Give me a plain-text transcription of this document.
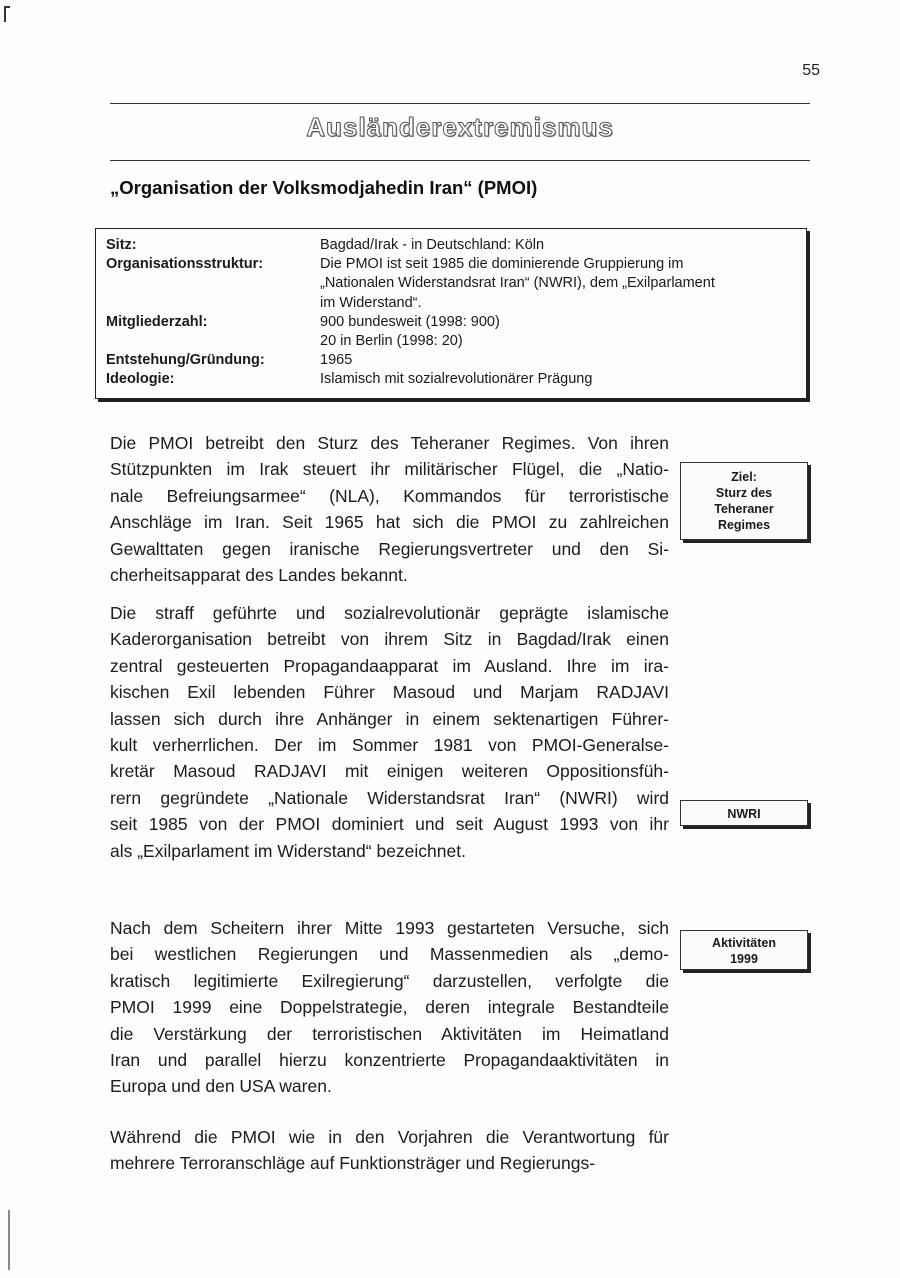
55
Ausländerextremismus
„Organisation der Volksmodjahedin Iran“ (PMOI)
Sitz:	Bagdad/Irak - in Deutschland: Köln
Organisationsstruktur:	Die PMOI ist seit 1985 die dominierende Gruppierung im
„Nationalen Widerstandsrat Iran“ (NWRI), dem „Exilparlament
im Widerstand“.
Mitgliederzahl:	900 bundesweit (1998: 900)
20 in Berlin (1998: 20)
Entstehung/Gründung:	1965
Ideologie:	Islamisch mit sozialrevolutionärer Prägung

Die PMOI betreibt den Sturz des Teheraner Regimes. Von ihren
Stützpunkten im Irak steuert ihr militärischer Flügel, die „Natio-
nale Befreiungsarmee“ (NLA), Kommandos für terroristische
Anschläge im Iran. Seit 1965 hat sich die PMOI zu zahlreichen
Gewalttaten gegen iranische Regierungsvertreter und den Si-
cherheitsapparat des Landes bekannt.

Die straff geführte und sozialrevolutionär geprägte islamische
Kaderorganisation betreibt von ihrem Sitz in Bagdad/Irak einen
zentral gesteuerten Propagandaapparat im Ausland. Ihre im ira-
kischen Exil lebenden Führer Masoud und Marjam RADJAVI
lassen sich durch ihre Anhänger in einem sektenartigen Führer-
kult verherrlichen. Der im Sommer 1981 von PMOI-Generalse-
kretär Masoud RADJAVI mit einigen weiteren Oppositionsfüh-
rern gegründete „Nationale Widerstandsrat Iran“ (NWRI) wird
seit 1985 von der PMOI dominiert und seit August 1993 von ihr
als „Exilparlament im Widerstand“ bezeichnet.

Nach dem Scheitern ihrer Mitte 1993 gestarteten Versuche, sich
bei westlichen Regierungen und Massenmedien als „demo-
kratisch legitimierte Exilregierung“ darzustellen, verfolgte die
PMOI 1999 eine Doppelstrategie, deren integrale Bestandteile
die Verstärkung der terroristischen Aktivitäten im Heimatland
Iran und parallel hierzu konzentrierte Propagandaaktivitäten in
Europa und den USA waren.

Während die PMOI wie in den Vorjahren die Verantwortung für
mehrere Terroranschläge auf Funktionsträger und Regierungs-

Ziel:
Sturz des
Teheraner
Regimes
NWRI
Aktivitäten
1999
